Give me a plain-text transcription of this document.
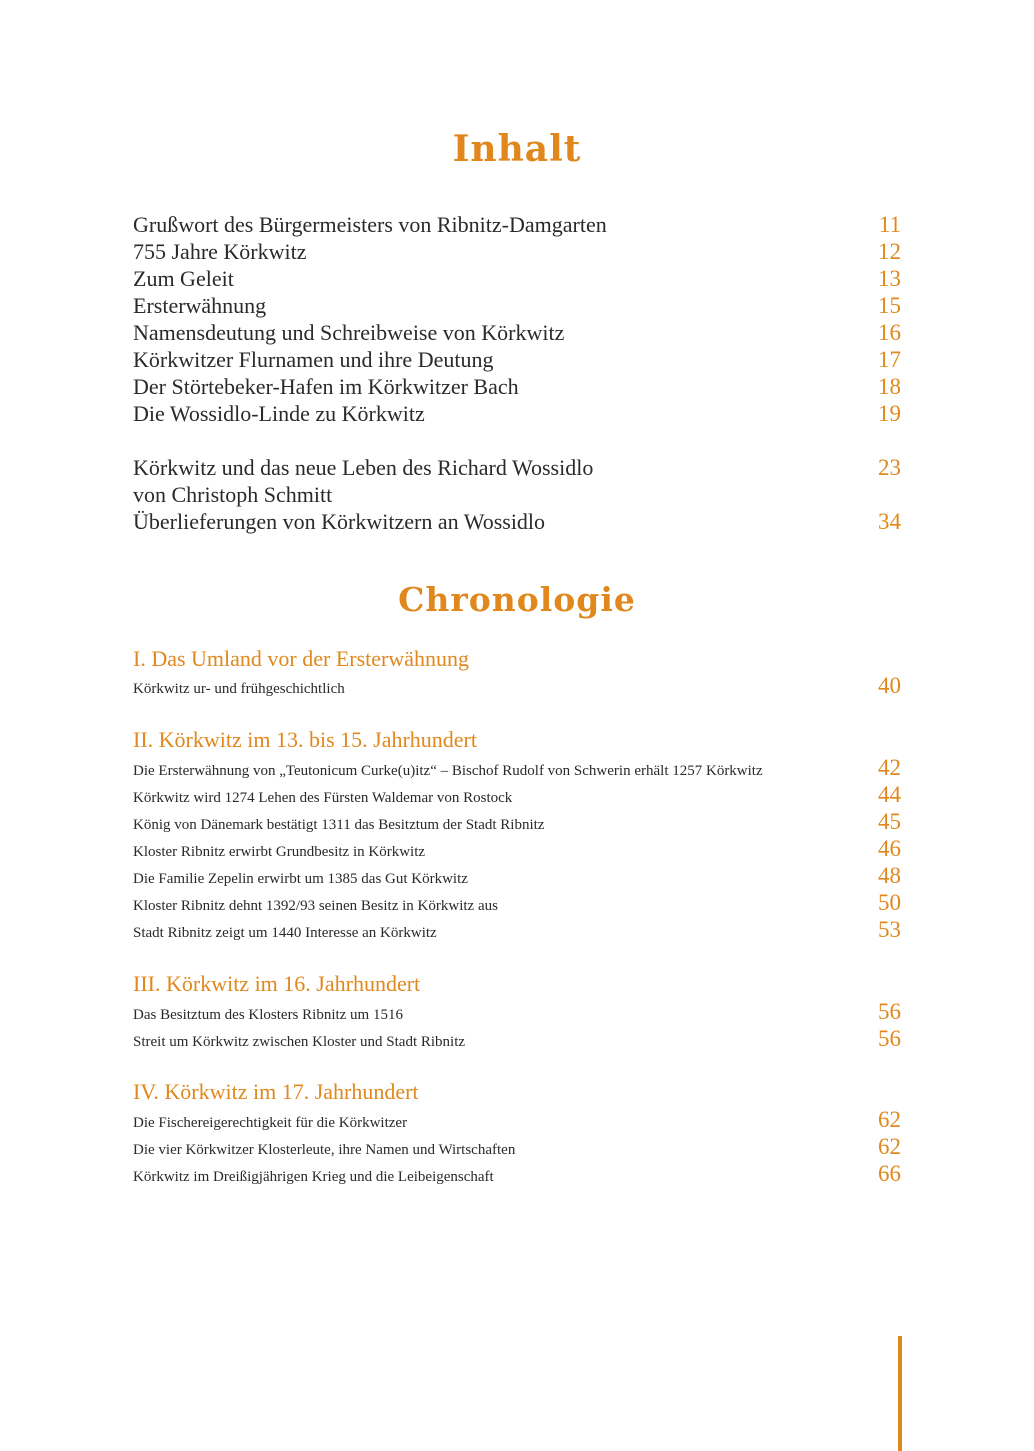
Inhalt
Grußwort des Bürgermeisters von Ribnitz-Damgarten	11
755 Jahre Körkwitz	12
Zum Geleit	13
Ersterwähnung	15
Namensdeutung und Schreibweise von Körkwitz	16
Körkwitzer Flurnamen und ihre Deutung	17
Der Störtebeker-Hafen im Körkwitzer Bach	18
Die Wossidlo-Linde zu Körkwitz	19
Körkwitz und das neue Leben des Richard Wossidlo	23
von Christoph Schmitt
Überlieferungen von Körkwitzern an Wossidlo	34
Chronologie
I. Das Umland vor der Ersterwähnung
Körkwitz ur- und frühgeschichtlich	40
II. Körkwitz im 13. bis 15. Jahrhundert
Die Ersterwähnung von „Teutonicum Curke(u)itz“ – Bischof Rudolf von Schwerin erhält 1257 Körkwitz	42
Körkwitz wird 1274 Lehen des Fürsten Waldemar von Rostock	44
König von Dänemark bestätigt 1311 das Besitztum der Stadt Ribnitz	45
Kloster Ribnitz erwirbt Grundbesitz in Körkwitz	46
Die Familie Zepelin erwirbt um 1385 das Gut Körkwitz	48
Kloster Ribnitz dehnt 1392/93 seinen Besitz in Körkwitz aus	50
Stadt Ribnitz zeigt um 1440 Interesse an Körkwitz	53
III. Körkwitz im 16. Jahrhundert
Das Besitztum des Klosters Ribnitz um 1516	56
Streit um Körkwitz zwischen Kloster und Stadt Ribnitz	56
IV. Körkwitz im 17. Jahrhundert
Die Fischereigerechtigkeit für die Körkwitzer	62
Die vier Körkwitzer Klosterleute, ihre Namen und Wirtschaften	62
Körkwitz im Dreißigjährigen Krieg und die Leibeigenschaft	66
